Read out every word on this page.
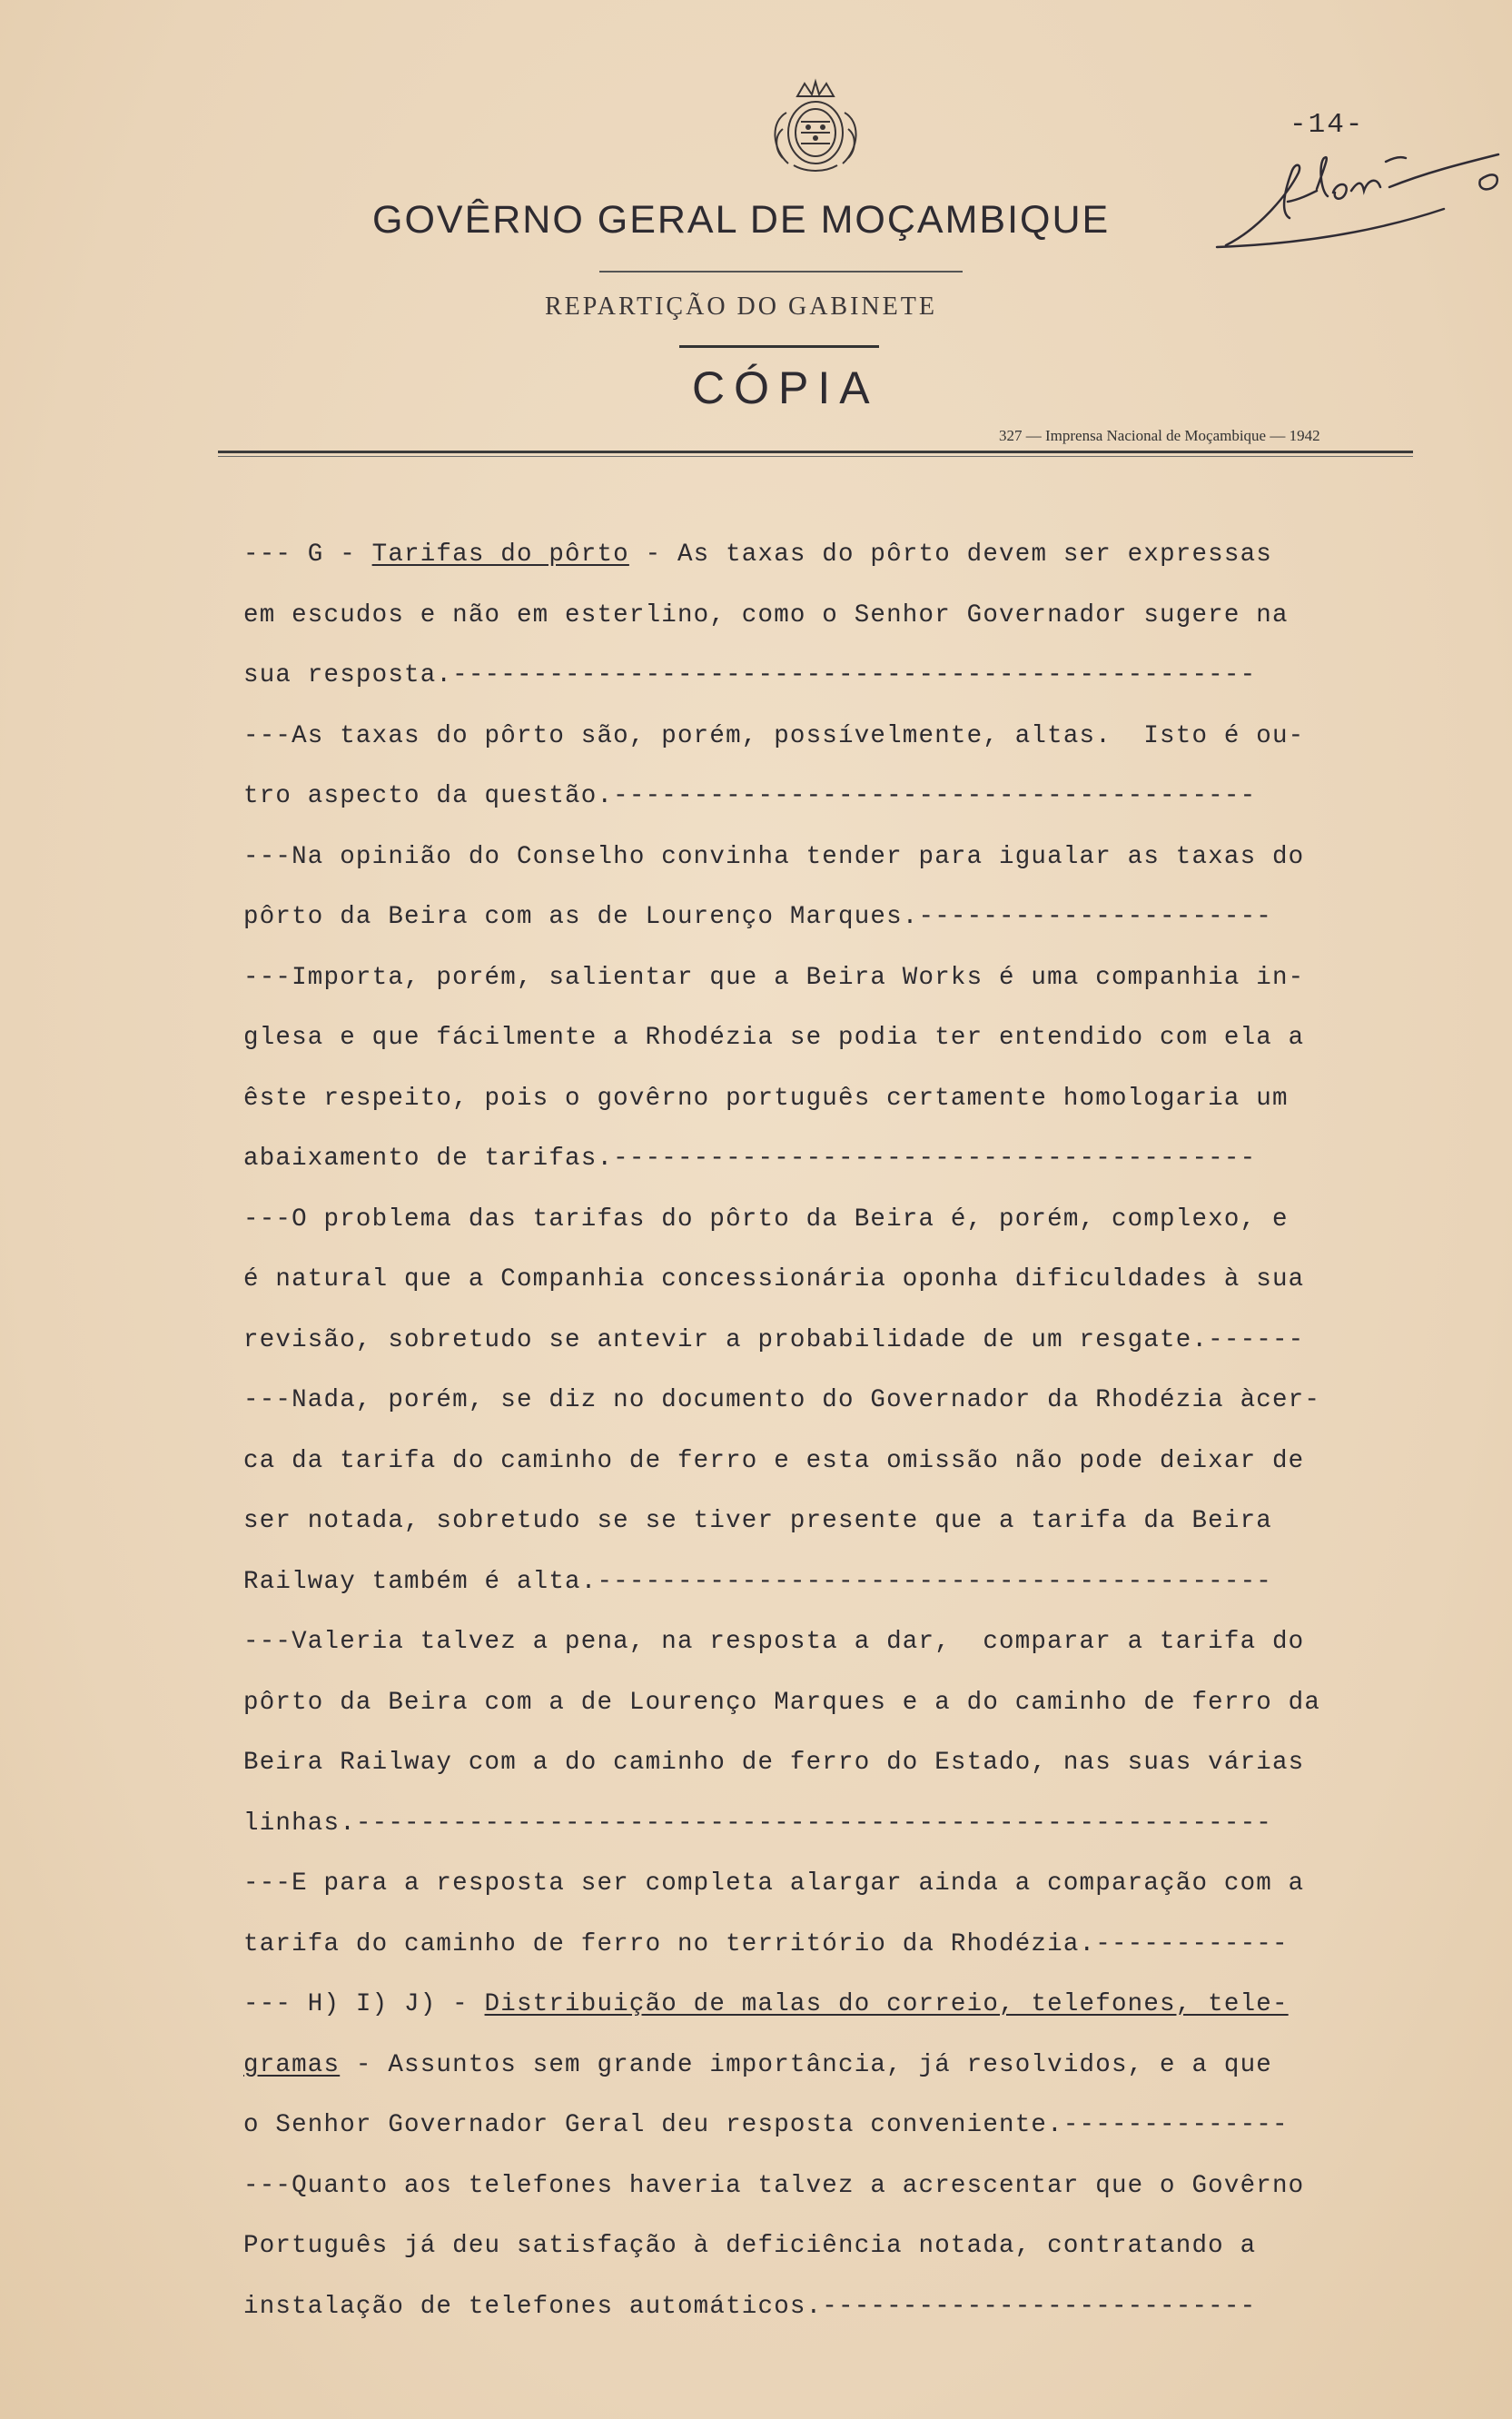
-14-
GOVÊRNO GERAL DE MOÇAMBIQUE
REPARTIÇÃO DO GABINETE
CÓPIA
327 — Imprensa Nacional de Moçambique — 1942
--- G - Tarifas do pôrto - As taxas do pôrto devem ser expressas
em escudos e não em esterlino, como o Senhor Governador sugere na
sua resposta.--------------------------------------------------
---As taxas do pôrto são, porém, possívelmente, altas.  Isto é ou-
tro aspecto da questão.----------------------------------------
---Na opinião do Conselho convinha tender para igualar as taxas do
pôrto da Beira com as de Lourenço Marques.----------------------
---Importa, porém, salientar que a Beira Works é uma companhia in-
glesa e que fácilmente a Rhodézia se podia ter entendido com ela a
êste respeito, pois o govêrno português certamente homologaria um
abaixamento de tarifas.----------------------------------------
---O problema das tarifas do pôrto da Beira é, porém, complexo, e
é natural que a Companhia concessionária oponha dificuldades à sua
revisão, sobretudo se antevir a probabilidade de um resgate.------
---Nada, porém, se diz no documento do Governador da Rhodézia àcer-
ca da tarifa do caminho de ferro e esta omissão não pode deixar de
ser notada, sobretudo se se tiver presente que a tarifa da Beira
Railway também é alta.------------------------------------------
---Valeria talvez a pena, na resposta a dar,  comparar a tarifa do
pôrto da Beira com a de Lourenço Marques e a do caminho de ferro da
Beira Railway com a do caminho de ferro do Estado, nas suas várias
linhas.---------------------------------------------------------
---E para a resposta ser completa alargar ainda a comparação com a
tarifa do caminho de ferro no território da Rhodézia.------------
--- H) I) J) - Distribuição de malas do correio, telefones, tele-
gramas - Assuntos sem grande importância, já resolvidos, e a que
o Senhor Governador Geral deu resposta conveniente.--------------
---Quanto aos telefones haveria talvez a acrescentar que o Govêrno
Português já deu satisfação à deficiência notada, contratando a
instalação de telefones automáticos.---------------------------
